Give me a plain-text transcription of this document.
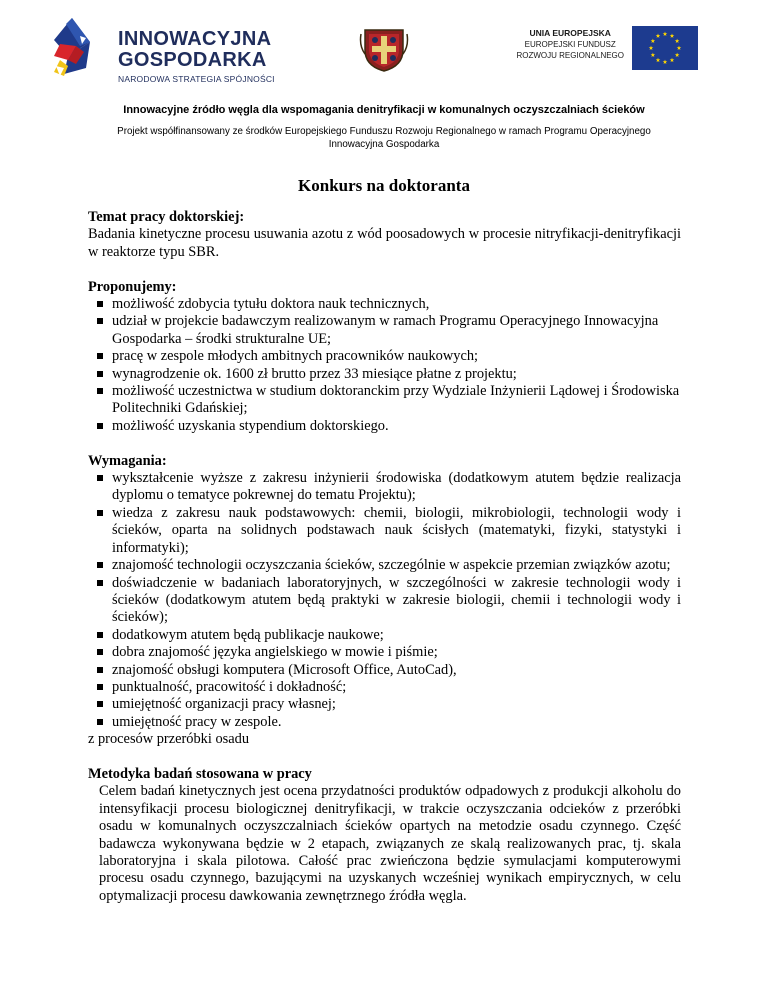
INNOWACYJNA
GOSPODARKA
NARODOWA STRATEGIA SPÓJNOŚCI
UNIA EUROPEJSKA
EUROPEJSKI FUNDUSZ
ROZWOJU REGIONALNEGO
Innowacyjne źródło węgla dla wspomagania denitryfikacji w komunalnych oczyszczalniach ścieków
Projekt współfinansowany ze środków Europejskiego Funduszu Rozwoju Regionalnego w ramach Programu Operacyjnego Innowacyjna Gospodarka
Konkurs na doktoranta
Temat pracy doktorskiej:

Badania kinetyczne procesu usuwania azotu z wód poosadowych w procesie nitryfikacji-denitryfikacji w reaktorze typu SBR.

Proponujemy:
możliwość zdobycia tytułu doktora nauk technicznych,
udział w projekcie badawczym realizowanym w ramach Programu Operacyjnego Innowacyjna Gospodarka – środki strukturalne UE;
pracę w zespole młodych ambitnych pracowników naukowych;
wynagrodzenie ok. 1600 zł brutto przez 33 miesiące płatne z projektu;
możliwość uczestnictwa w studium doktoranckim przy Wydziale Inżynierii Lądowej i Środowiska Politechniki Gdańskiej;
możliwość uzyskania stypendium doktorskiego.
Wymagania:
wykształcenie wyższe z zakresu inżynierii środowiska (dodatkowym atutem będzie realizacja dyplomu o tematyce pokrewnej do tematu Projektu);
wiedza z zakresu nauk podstawowych: chemii, biologii, mikrobiologii, technologii wody i ścieków, oparta na solidnych podstawach nauk ścisłych (matematyki, fizyki, statystyki i informatyki);
znajomość technologii oczyszczania ścieków, szczególnie w aspekcie przemian związków azotu;
doświadczenie w badaniach laboratoryjnych, w szczególności w zakresie technologii wody i ścieków (dodatkowym atutem będą praktyki w zakresie biologii, chemii i technologii wody i ścieków);
dodatkowym atutem będą publikacje naukowe;
dobra znajomość języka angielskiego w mowie i piśmie;
znajomość obsługi komputera (Microsoft Office, AutoCad),
punktualność, pracowitość i dokładność;
umiejętność organizacji pracy własnej;
umiejętność pracy w zespole.

z procesów przeróbki osadu

Metodyka badań stosowana w pracy

Celem badań kinetycznych jest ocena przydatności produktów odpadowych z produkcji alkoholu do intensyfikacji procesu biologicznej denitryfikacji, w trakcie oczyszczania odcieków z przeróbki osadu w komunalnych oczyszczalniach ścieków opartych na metodzie osadu czynnego. Część badawcza wykonywana będzie w 2 etapach, związanych ze skalą realizowanych prac, tj. skala laboratoryjna i skala pilotowa. Całość prac zwieńczona będzie symulacjami komputerowymi procesu osadu czynnego, bazującymi na uzyskanych wcześniej wynikach empirycznych, w celu optymalizacji procesu dawkowania zewnętrznego źródła węgla.
